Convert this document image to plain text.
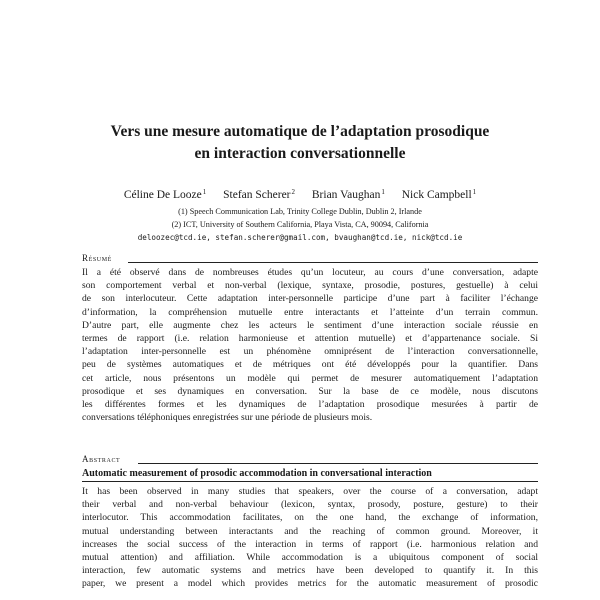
Vers une mesure automatique de l’adaptation prosodique
en interaction conversationnelle
Céline De Looze$^1$ Stefan Scherer$^2$ Brian Vaughan$^1$ Nick Campbell$^1$
(1) Speech Communication Lab, Trinity College Dublin, Dublin 2, Irlande
(2) ICT, University of Southern California, Playa Vista, CA, 90094, California
deloozec@tcd.ie, stefan.scherer@gmail.com, bvaughan@tcd.ie, nick@tcd.ie
Résumé
Il a été observé dans de nombreuses études qu’un locuteur, au cours d’une conversation, adapte
son comportement verbal et non-verbal (lexique, syntaxe, prosodie, postures, gestuelle) à celui
de son interlocuteur. Cette adaptation inter-personnelle participe d’une part à faciliter l’échange
d’information, la compréhension mutuelle entre interactants et l’atteinte d’un terrain commun.
D’autre part, elle augmente chez les acteurs le sentiment d’une interaction sociale réussie en
termes de rapport (i.e. relation harmonieuse et attention mutuelle) et d’appartenance sociale. Si
l’adaptation inter-personnelle est un phénomène omniprésent de l’interaction conversationnelle,
peu de systèmes automatiques et de métriques ont été développés pour la quantifier. Dans
cet article, nous présentons un modèle qui permet de mesurer automatiquement l’adaptation
prosodique et ses dynamiques en conversation. Sur la base de ce modèle, nous discutons
les différentes formes et les dynamiques de l’adaptation prosodique mesurées à partir de
conversations téléphoniques enregistrées sur une période de plusieurs mois.
Abstract
Automatic measurement of prosodic accommodation in conversational interaction
It has been observed in many studies that speakers, over the course of a conversation, adapt
their verbal and non-verbal behaviour (lexicon, syntax, prosody, posture, gesture) to their
interlocutor. This accommodation facilitates, on the one hand, the exchange of information,
mutual understanding between interactants and the reaching of common ground. Moreover, it
increases the social success of the interaction in terms of rapport (i.e. harmonious relation and
mutual attention) and affiliation. While accommodation is a ubiquitous component of social
interaction, few automatic systems and metrics have been developed to quantify it. In this
paper, we present a model which provides metrics for the automatic measurement of prosodic
